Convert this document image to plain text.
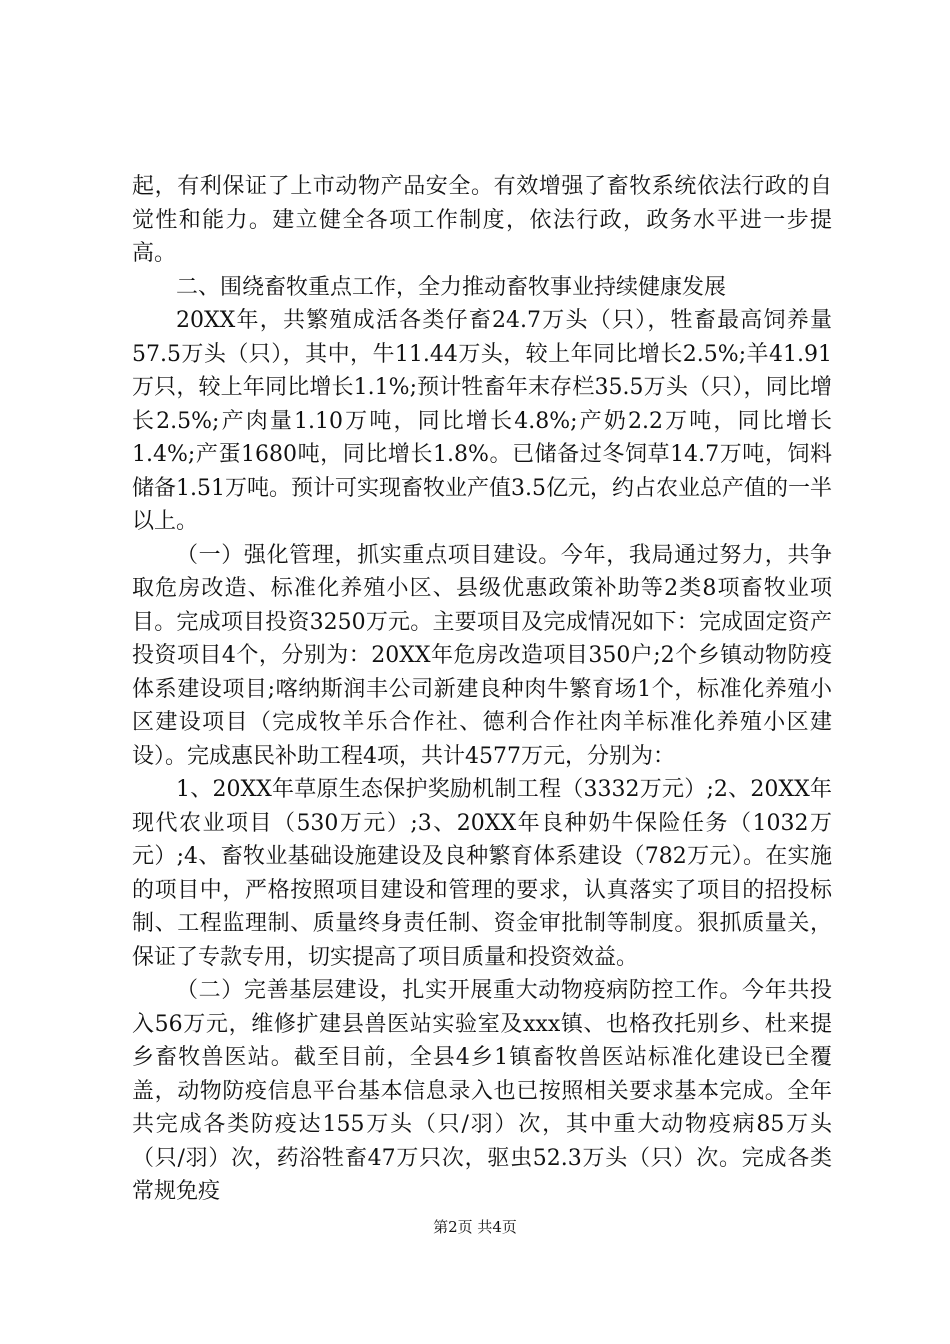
起，有利保证了上市动物产品安全。有效增强了畜牧系统依法行政的自觉性和能力。建立健全各项工作制度，依法行政，政务水平进一步提高。

二、围绕畜牧重点工作，全力推动畜牧事业持续健康发展

20XX年，共繁殖成活各类仔畜24.7万头（只），牲畜最高饲养量57.5万头（只），其中，牛11.44万头，较上年同比增长2.5%;羊41.91万只，较上年同比增长1.1%;预计牲畜年末存栏35.5万头（只），同比增长2.5%;产肉量1.10万吨，同比增长4.8%;产奶2.2万吨，同比增长1.4%;产蛋1680吨，同比增长1.8%。已储备过冬饲草14.7万吨，饲料储备1.51万吨。预计可实现畜牧业产值3.5亿元，约占农业总产值的一半以上。

（一）强化管理，抓实重点项目建设。今年，我局通过努力，共争取危房改造、标准化养殖小区、县级优惠政策补助等2类8项畜牧业项目。完成项目投资3250万元。主要项目及完成情况如下：完成固定资产投资项目4个，分别为：20XX年危房改造项目350户;2个乡镇动物防疫体系建设项目;喀纳斯润丰公司新建良种肉牛繁育场1个，标准化养殖小区建设项目（完成牧羊乐合作社、德利合作社肉羊标准化养殖小区建设）。完成惠民补助工程4项，共计4577万元，分别为：

1、20XX年草原生态保护奖励机制工程（3332万元）;2、20XX年现代农业项目（530万元）;3、20XX年良种奶牛保险任务（1032万元）;4、畜牧业基础设施建设及良种繁育体系建设（782万元）。在实施的项目中，严格按照项目建设和管理的要求，认真落实了项目的招投标制、工程监理制、质量终身责任制、资金审批制等制度。狠抓质量关，保证了专款专用，切实提高了项目质量和投资效益。

（二）完善基层建设，扎实开展重大动物疫病防控工作。今年共投入56万元，维修扩建县兽医站实验室及xxx镇、也格孜托别乡、杜来提乡畜牧兽医站。截至目前，全县4乡1镇畜牧兽医站标准化建设已全覆盖，动物防疫信息平台基本信息录入也已按照相关要求基本完成。全年共完成各类防疫达155万头（只/羽）次，其中重大动物疫病85万头（只/羽）次，药浴牲畜47万只次，驱虫52.3万头（只）次。完成各类常规免疫

第2页 共4页
